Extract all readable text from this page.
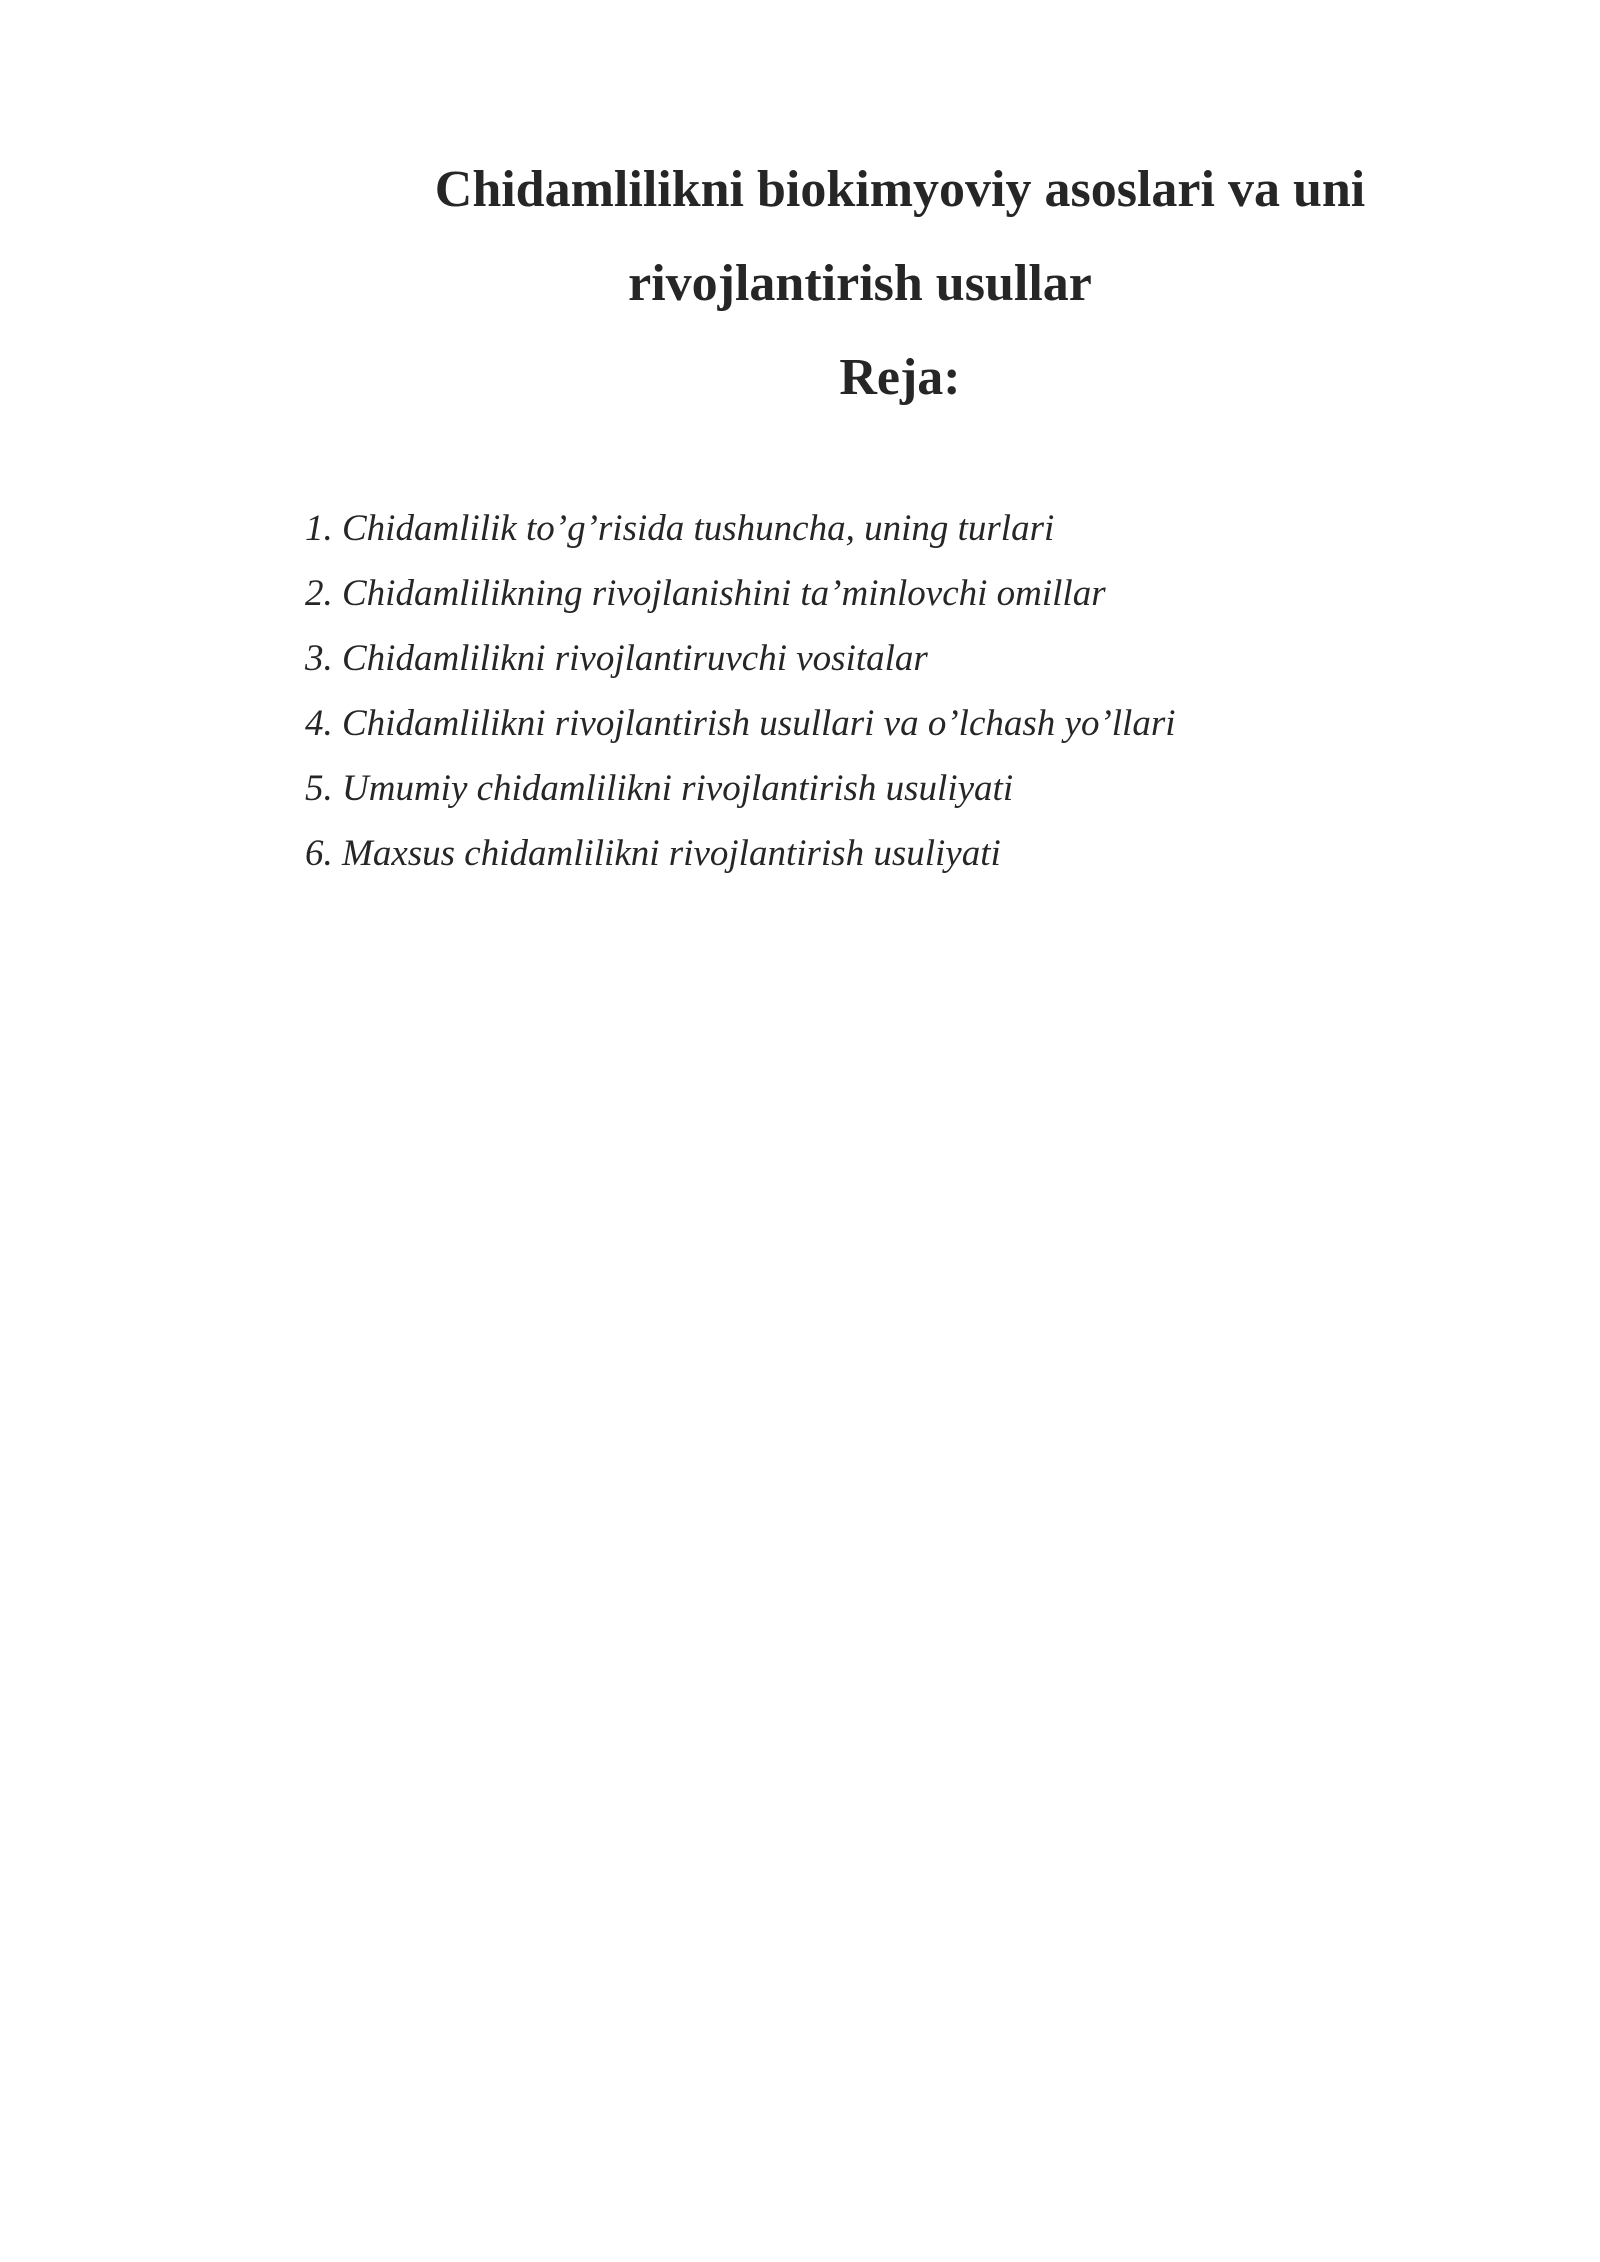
Chidamlilikni biokimyoviy asoslari va uni
rivojlantirish usullar
Reja:
1. Chidamlilik to’g’risida tushuncha, uning turlari
2. Chidamlilikning rivojlanishini ta’minlovchi omillar
3. Chidamlilikni rivojlantiruvchi vositalar
4. Chidamlilikni rivojlantirish usullari va o’lchash yo’llari
5. Umumiy chidamlilikni rivojlantirish usuliyati
6. Maxsus chidamlilikni rivojlantirish usuliyati
